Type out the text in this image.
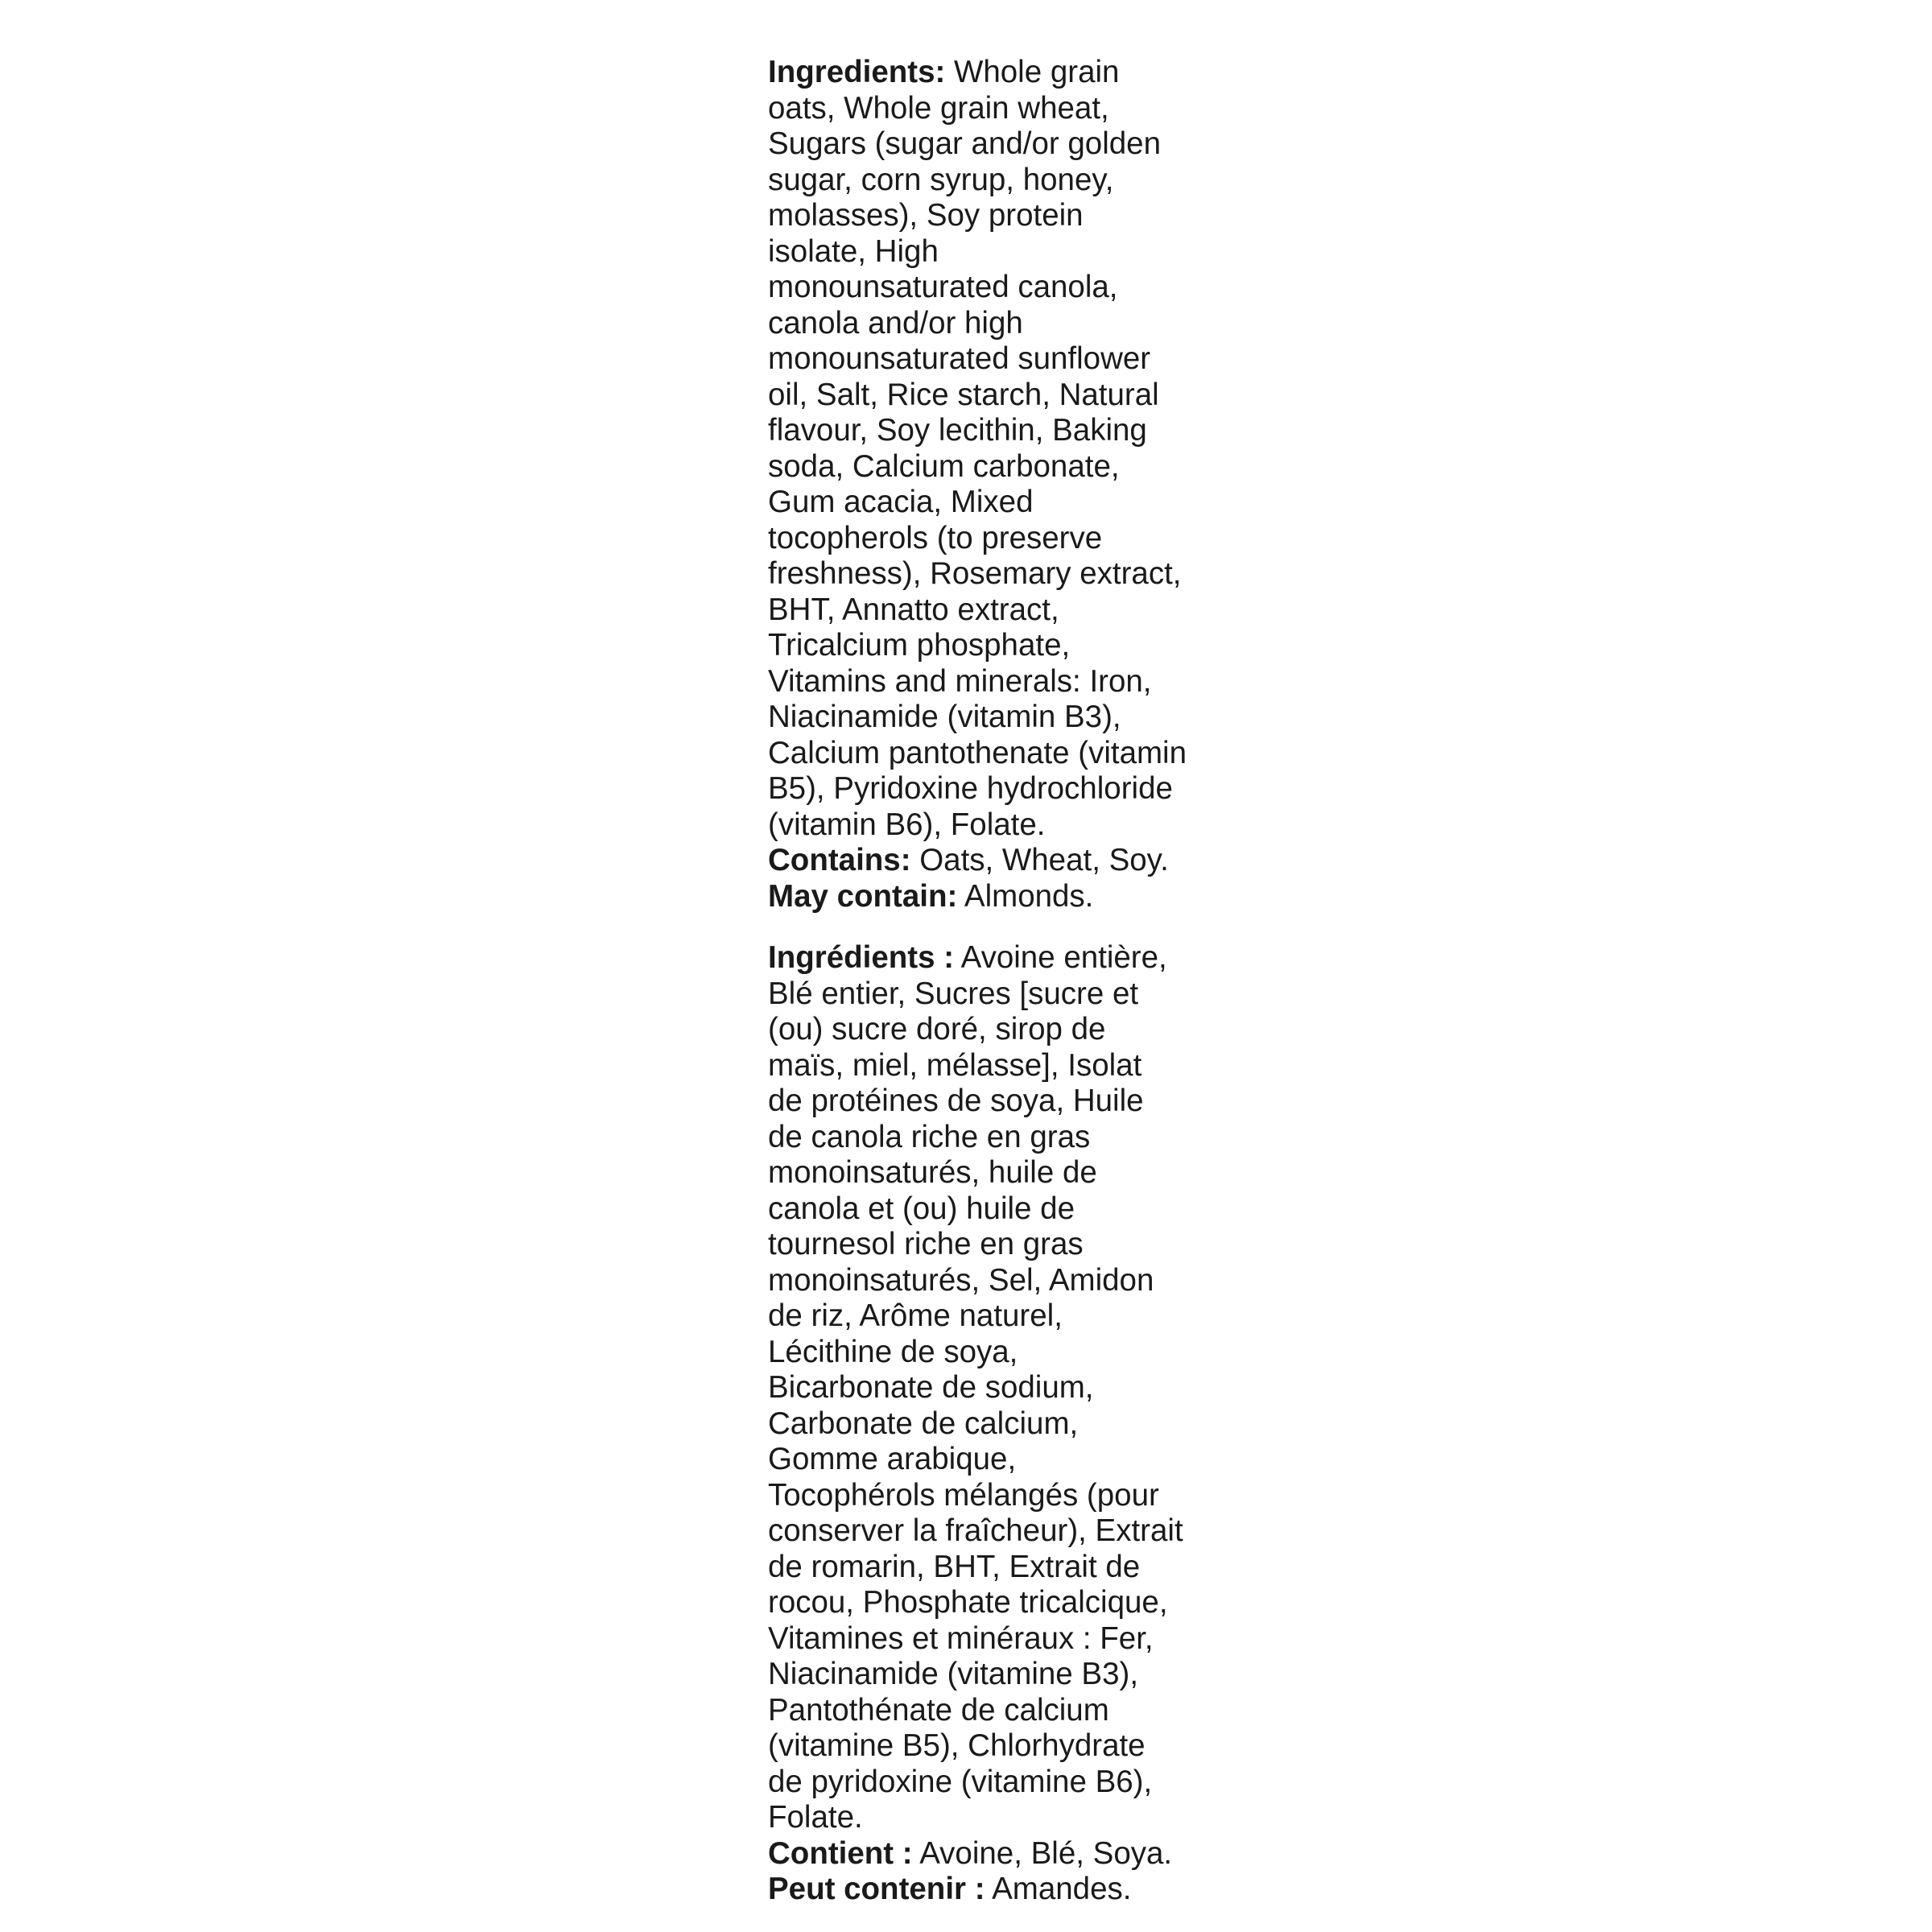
Ingredients: Whole grain
oats, Whole grain wheat,
Sugars (sugar and/or golden
sugar, corn syrup, honey,
molasses), Soy protein
isolate, High
monounsaturated canola,
canola and/or high
monounsaturated sunflower
oil, Salt, Rice starch, Natural
flavour, Soy lecithin, Baking
soda, Calcium carbonate,
Gum acacia, Mixed
tocopherols (to preserve
freshness), Rosemary extract,
BHT, Annatto extract,
Tricalcium phosphate,
Vitamins and minerals: Iron,
Niacinamide (vitamin B3),
Calcium pantothenate (vitamin
B5), Pyridoxine hydrochloride
(vitamin B6), Folate.
Contains: Oats, Wheat, Soy.
May contain: Almonds.
Ingrédients : Avoine entière,
Blé entier, Sucres [sucre et
(ou) sucre doré, sirop de
maïs, miel, mélasse], Isolat
de protéines de soya, Huile
de canola riche en gras
monoinsaturés, huile de
canola et (ou) huile de
tournesol riche en gras
monoinsaturés, Sel, Amidon
de riz, Arôme naturel,
Lécithine de soya,
Bicarbonate de sodium,
Carbonate de calcium,
Gomme arabique,
Tocophérols mélangés (pour
conserver la fraîcheur), Extrait
de romarin, BHT, Extrait de
rocou, Phosphate tricalcique,
Vitamines et minéraux : Fer,
Niacinamide (vitamine B3),
Pantothénate de calcium
(vitamine B5), Chlorhydrate
de pyridoxine (vitamine B6),
Folate.
Contient : Avoine, Blé, Soya.
Peut contenir : Amandes.
